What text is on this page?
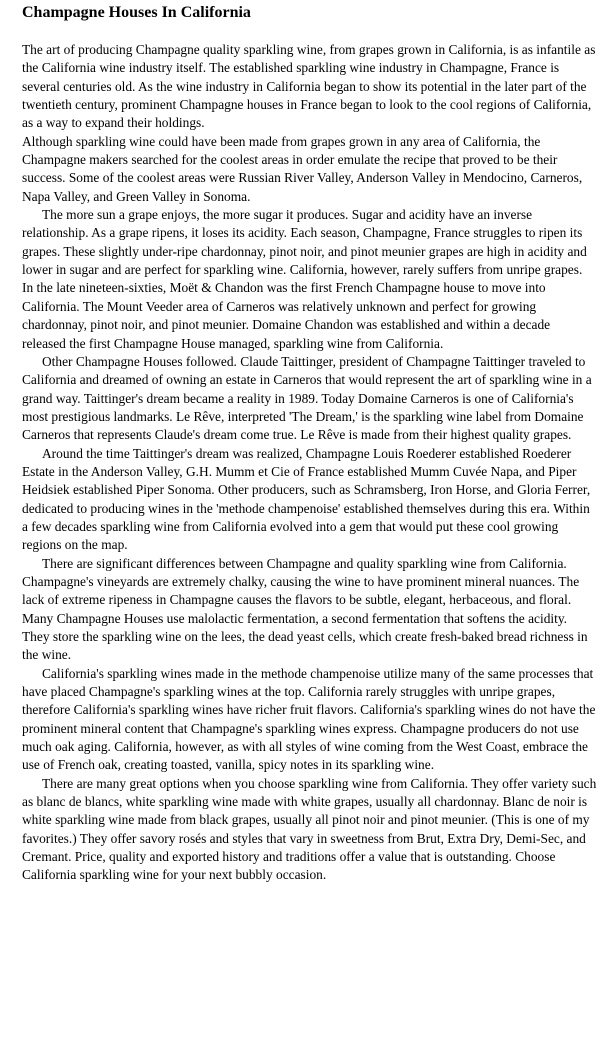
Champagne Houses In California

The art of producing Champagne quality sparkling wine, from grapes grown in California, is as infantile as the California wine industry itself. The established sparkling wine industry in Champagne, France is several centuries old. As the wine industry in California began to show its potential in the later part of the twentieth century, prominent Champagne houses in France began to look to the cool regions of California, as a way to expand their holdings.

Although sparkling wine could have been made from grapes grown in any area of California, the Champagne makers searched for the coolest areas in order emulate the recipe that proved to be their success. Some of the coolest areas were Russian River Valley, Anderson Valley in Mendocino, Carneros, Napa Valley, and Green Valley in Sonoma.

The more sun a grape enjoys, the more sugar it produces. Sugar and acidity have an inverse relationship. As a grape ripens, it loses its acidity. Each season, Champagne, France struggles to ripen its grapes. These slightly under-ripe chardonnay, pinot noir, and pinot meunier grapes are high in acidity and lower in sugar and are perfect for sparkling wine. California, however, rarely suffers from unripe grapes.

In the late nineteen-sixties, Moët & Chandon was the first French Champagne house to move into California. The Mount Veeder area of Carneros was relatively unknown and perfect for growing chardonnay, pinot noir, and pinot meunier. Domaine Chandon was established and within a decade released the first Champagne House managed, sparkling wine from California.

Other Champagne Houses followed. Claude Taittinger, president of Champagne Taittinger traveled to California and dreamed of owning an estate in Carneros that would represent the art of sparkling wine in a grand way. Taittinger's dream became a reality in 1989. Today Domaine Carneros is one of California's most prestigious landmarks. Le Rêve, interpreted 'The Dream,' is the sparkling wine label from Domaine Carneros that represents Claude's dream come true. Le Rêve is made from their highest quality grapes.

Around the time Taittinger's dream was realized, Champagne Louis Roederer established Roederer Estate in the Anderson Valley, G.H. Mumm et Cie of France established Mumm Cuvée Napa, and Piper Heidsiek established Piper Sonoma. Other producers, such as Schramsberg, Iron Horse, and Gloria Ferrer, dedicated to producing wines in the 'methode champenoise' established themselves during this era. Within a few decades sparkling wine from California evolved into a gem that would put these cool growing regions on the map.

There are significant differences between Champagne and quality sparkling wine from California. Champagne's vineyards are extremely chalky, causing the wine to have prominent mineral nuances. The lack of extreme ripeness in Champagne causes the flavors to be subtle, elegant, herbaceous, and floral. Many Champagne Houses use malolactic fermentation, a second fermentation that softens the acidity. They store the sparkling wine on the lees, the dead yeast cells, which create fresh-baked bread richness in the wine.

California's sparkling wines made in the methode champenoise utilize many of the same processes that have placed Champagne's sparkling wines at the top. California rarely struggles with unripe grapes, therefore California's sparkling wines have richer fruit flavors. California's sparkling wines do not have the prominent mineral content that Champagne's sparkling wines express. Champagne producers do not use much oak aging. California, however, as with all styles of wine coming from the West Coast, embrace the use of French oak, creating toasted, vanilla, spicy notes in its sparkling wine.

There are many great options when you choose sparkling wine from California. They offer variety such as blanc de blancs, white sparkling wine made with white grapes, usually all chardonnay. Blanc de noir is white sparkling wine made from black grapes, usually all pinot noir and pinot meunier. (This is one of my favorites.) They offer savory rosés and styles that vary in sweetness from Brut, Extra Dry, Demi-Sec, and Cremant. Price, quality and exported history and traditions offer a value that is outstanding. Choose California sparkling wine for your next bubbly occasion.
